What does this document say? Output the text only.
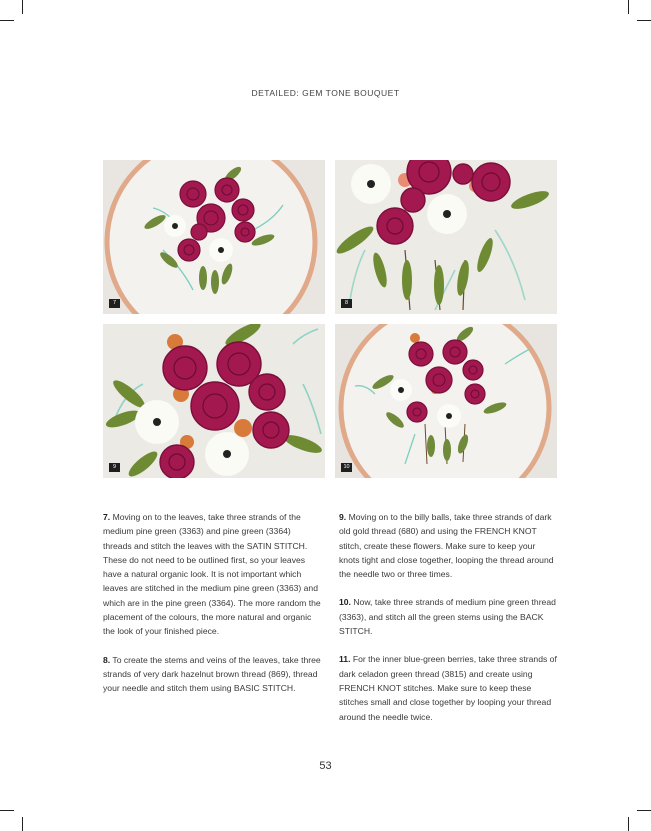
DETAILED: GEM TONE BOUQUET
7	8
9	10

7. Moving on to the leaves, take three strands of the medium pine green (3363) and pine green (3364) threads and stitch the leaves with the SATIN STITCH. These do not need to be outlined first, so your leaves have a natural organic look. It is not important which leaves are stitched in the medium pine green (3363) and which are in the pine green (3364). The more random the placement of the colours, the more natural and organic the look of your finished piece.

8. To create the stems and veins of the leaves, take three strands of very dark hazelnut brown thread (869), thread your needle and stitch them using BASIC STITCH.

9. Moving on to the billy balls, take three strands of dark old gold thread (680) and using the FRENCH KNOT stitch, create these flowers. Make sure to keep your knots tight and close together, looping the thread around the needle two or three times.

10. Now, take three strands of medium pine green thread (3363), and stitch all the green stems using the BACK STITCH.

11. For the inner blue-green berries, take three strands of dark celadon green thread (3815) and create using FRENCH KNOT stitches. Make sure to keep these stitches small and close together by looping your thread around the needle twice.

53
